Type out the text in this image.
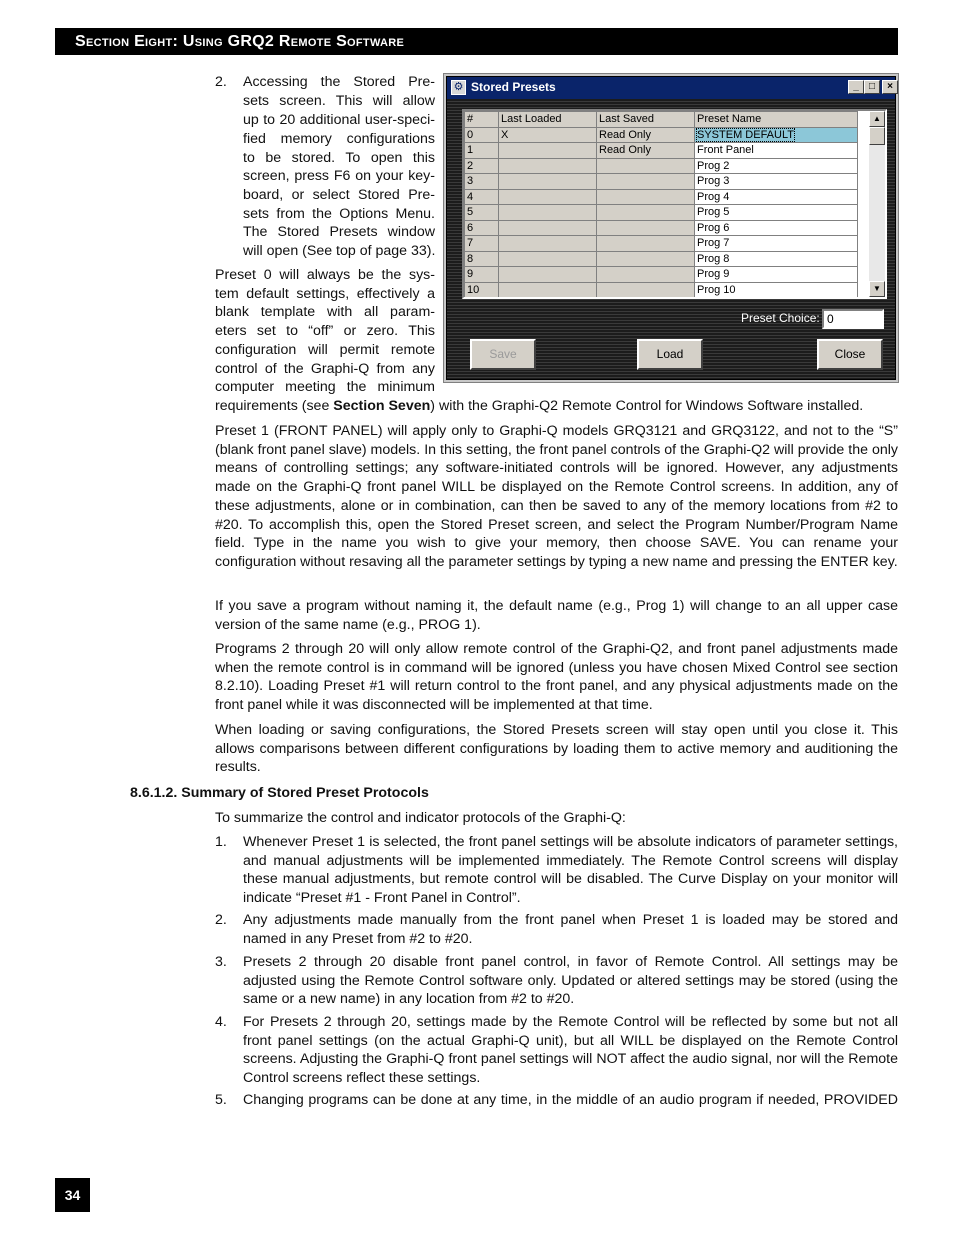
Section Eight: Using GRQ2 Remote Software
2. Accessing the Stored Pre-
sets screen. This will allow
up to 20 additional user-speci-
fied memory configurations
to be stored. To open this
screen, press F6 on your key-
board, or select Stored Pre-
sets from the Options Menu.
The Stored Presets window
will open (See top of page 33).
Preset 0 will always be the sys-
tem default settings, effectively a
blank template with all param-
eters set to “off” or zero. This
configuration will permit remote
control of the Graphi-Q from any
computer meeting the minimum

requirements (see Section Seven) with the Graphi-Q2 Remote Control for Windows Software installed.

⚙ Stored Presets	_	□	×
#	Last Loaded	Last Saved	Preset Name
0	X	Read Only	SYSTEM DEFAULT
1		Read Only	Front Panel
2			Prog 2
3			Prog 3
4			Prog 4
5			Prog 5
6			Prog 6
7			Prog 7
8			Prog 8
9			Prog 9
10			Prog 10
▲
▼
Preset Choice:
0
Save	Load	Close

Preset 1 (FRONT PANEL) will apply only to Graphi-Q models GRQ3121 and GRQ3122, and not to the “S” (blank front panel slave) models. In this setting, the front panel controls of the Graphi-Q2 will provide the only means of controlling settings; any software-initiated controls will be ignored. However, any adjustments made on the Graphi-Q front panel WILL be displayed on the Remote Control screens. In addition, any of these adjustments, alone or in combination, can then be saved to any of the memory locations from #2 to #20. To accomplish this, open the Stored Preset screen, and select the Program Number/Program Name field. Type in the name you wish to give your memory, then choose SAVE. You can rename your configuration without resaving all the parameter settings by typing a new name and pressing the ENTER key.

If you save a program without naming it, the default name (e.g., Prog 1) will change to an all upper case version of the same name (e.g., PROG 1).

Programs 2 through 20 will only allow remote control of the Graphi-Q2, and front panel adjustments made when the remote control is in command will be ignored (unless you have chosen Mixed Control see section 8.2.10). Loading Preset #1 will return control to the front panel, and any physical adjustments made on the front panel while it was disconnected will be implemented at that time.

When loading or saving configurations, the Stored Presets screen will stay open until you close it. This allows comparisons between different configurations by loading them to active memory and auditioning the results.

8.6.1.2. Summary of Stored Preset Protocols

To summarize the control and indicator protocols of the Graphi-Q:

1. Whenever Preset 1 is selected, the front panel settings will be absolute indicators of parameter settings, and manual adjustments will be implemented immediately. The Remote Control screens will display these manual adjustments, but remote control will be disabled. The Curve Display on your monitor will indicate “Preset #1 - Front Panel in Control”.

2. Any adjustments made manually from the front panel when Preset 1 is loaded may be stored and named in any Preset from #2 to #20.

3. Presets 2 through 20 disable front panel control, in favor of Remote Control. All settings may be adjusted using the Remote Control software only. Updated or altered settings may be stored (using the same or a new name) in any location from #2 to #20.

4. For Presets 2 through 20, settings made by the Remote Control will be reflected by some but not all front panel settings (on the actual Graphi-Q unit), but all WILL be displayed on the Remote Control screens. Adjusting the Graphi-Q front panel settings will NOT affect the audio signal, nor will the Remote Control screens reflect these settings.

5. Changing programs can be done at any time, in the middle of an audio program if needed, PROVIDED

34
